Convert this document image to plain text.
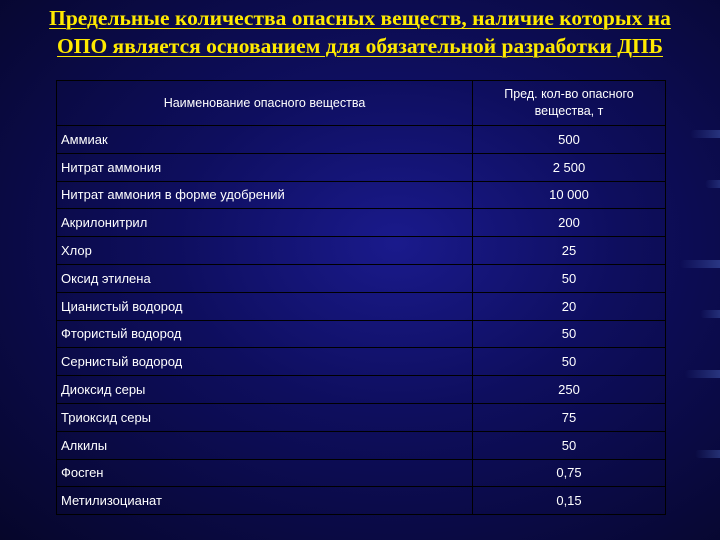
Предельные количества опасных веществ, наличие которых на
ОПО является основанием для обязательной разработки ДПБ
Наименование опасного вещества	Пред. кол-во опасного
вещества, т

Аммиак	500
Нитрат аммония	2 500
Нитрат аммония в форме удобрений	10 000
Акрилонитрил	200
Хлор	25
Оксид этилена	50
Цианистый водород	20
Фтористый водород	50
Сернистый водород	50
Диоксид серы	250
Триоксид серы	75
Алкилы	50
Фосген	0,75
Метилизоцианат	0,15
